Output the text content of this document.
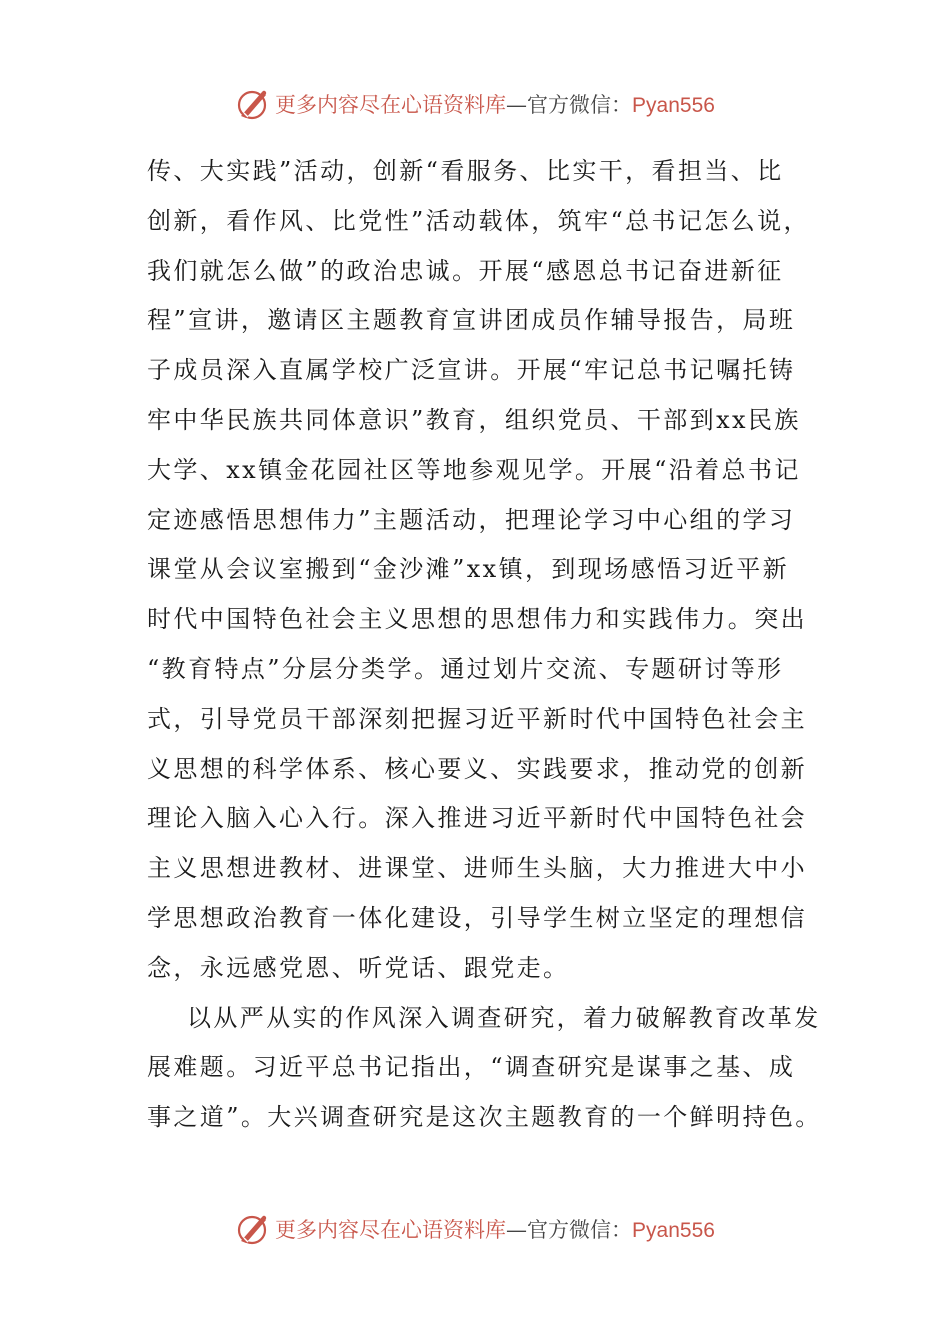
更多内容尽在心语资料库—官方微信：Pyan556
传、大实践”活动，创新“看服务、比实干，看担当、比
创新，看作风、比党性”活动载体，筑牢“总书记怎么说，
我们就怎么做”的政治忠诚。开展“感恩总书记奋进新征
程”宣讲，邀请区主题教育宣讲团成员作辅导报告，局班
子成员深入直属学校广泛宣讲。开展“牢记总书记嘱托铸
牢中华民族共同体意识”教育，组织党员、干部到xx民族
大学、xx镇金花园社区等地参观见学。开展“沿着总书记
定迹感悟思想伟力”主题活动，把理论学习中心组的学习
课堂从会议室搬到“金沙滩”xx镇，到现场感悟习近平新
时代中国特色社会主义思想的思想伟力和实践伟力。突出
“教育特点”分层分类学。通过划片交流、专题研讨等形
式，引导党员干部深刻把握习近平新时代中国特色社会主
义思想的科学体系、核心要义、实践要求，推动党的创新
理论入脑入心入行。深入推进习近平新时代中国特色社会
主义思想进教材、进课堂、进师生头脑，大力推进大中小
学思想政治教育一体化建设，引导学生树立坚定的理想信
念，永远感党恩、听党话、跟党走。
以从严从实的作风深入调查研究，着力破解教育改革发
展难题。习近平总书记指出，“调查研究是谋事之基、成
事之道”。大兴调查研究是这次主题教育的一个鲜明持色。
更多内容尽在心语资料库—官方微信：Pyan556
